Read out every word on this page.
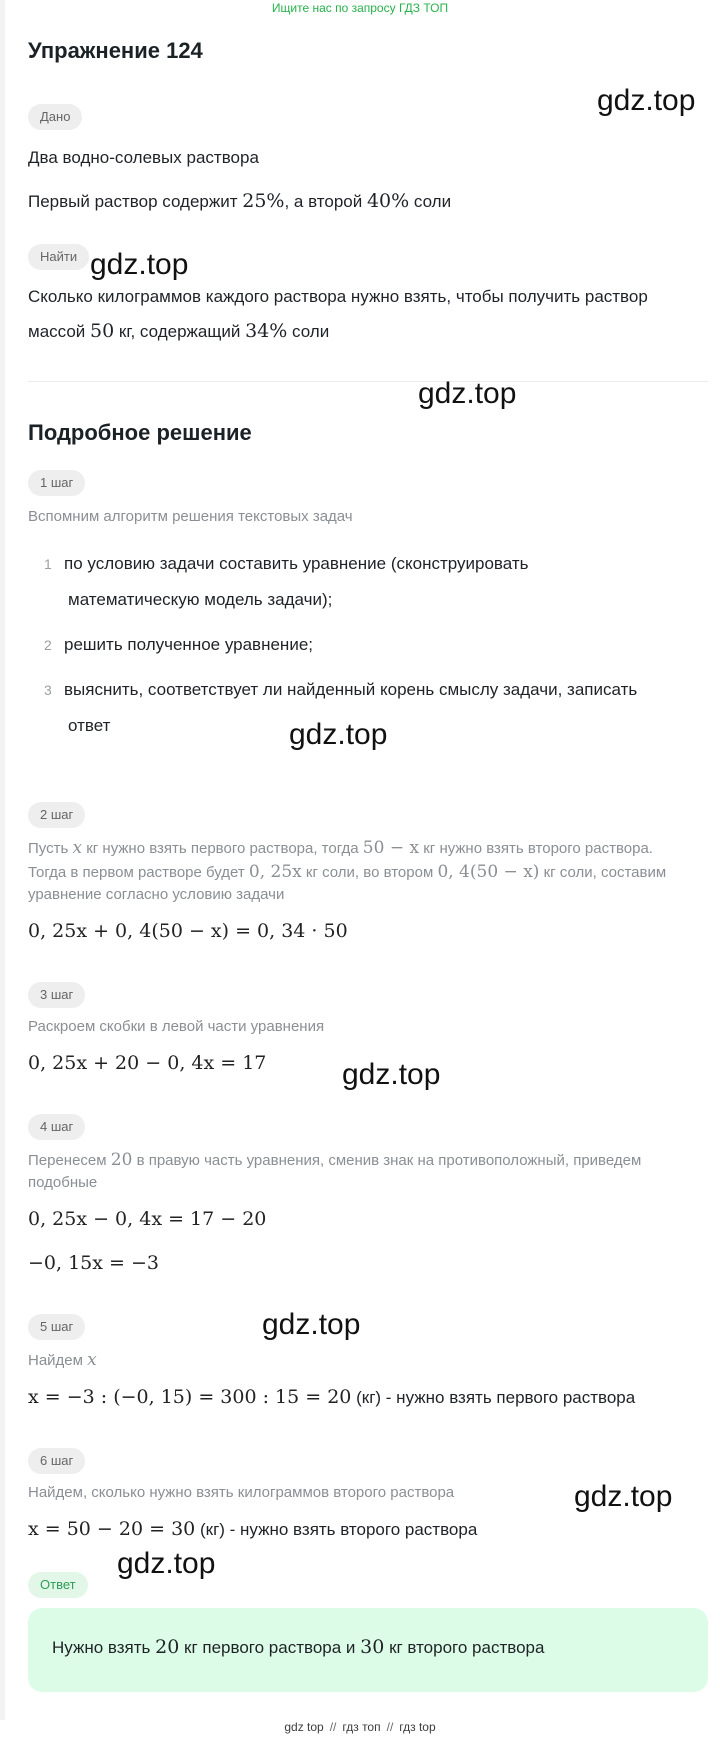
Ищите нас по запросу ГДЗ ТОП
Упражнение 124
Дано
Два водно-солевых раствора
Первый раствор содержит 25%, а второй 40% соли
Найти
Сколько килограммов каждого раствора нужно взять, чтобы получить раствор
массой 50 кг, содержащий 34% соли
Подробное решение
1 шаг
Вспомним алгоритм решения текстовых задач
1 по условию задачи составить уравнение (сконструировать
математическую модель задачи);
2 решить полученное уравнение;
3 выяснить, соответствует ли найденный корень смыслу задачи, записать
ответ
2 шаг
Пусть x кг нужно взять первого раствора, тогда 50 − x кг нужно взять второго раствора.
Тогда в первом растворе будет 0, 25x кг соли, во втором 0, 4(50 − x) кг соли, составим
уравнение согласно условию задачи
0, 25x + 0, 4(50 − x) = 0, 34 · 50
3 шаг
Раскроем скобки в левой части уравнения
0, 25x + 20 − 0, 4x = 17
4 шаг
Перенесем 20 в правую часть уравнения, сменив знак на противоположный, приведем
подобные
0, 25x − 0, 4x = 17 − 20
−0, 15x = −3
5 шаг
Найдем x
x = −3 : (−0, 15) = 300 : 15 = 20 (кг) - нужно взять первого раствора
6 шаг
Найдем, сколько нужно взять килограммов второго раствора
x = 50 − 20 = 30 (кг) - нужно взять второго раствора
Ответ
Нужно взять 20 кг первого раствора и 30 кг второго раствора
gdz.top
gdz.top
gdz.top
gdz.top
gdz.top
gdz.top
gdz.top
gdz.top
gdz top // гдз топ // гдз top
